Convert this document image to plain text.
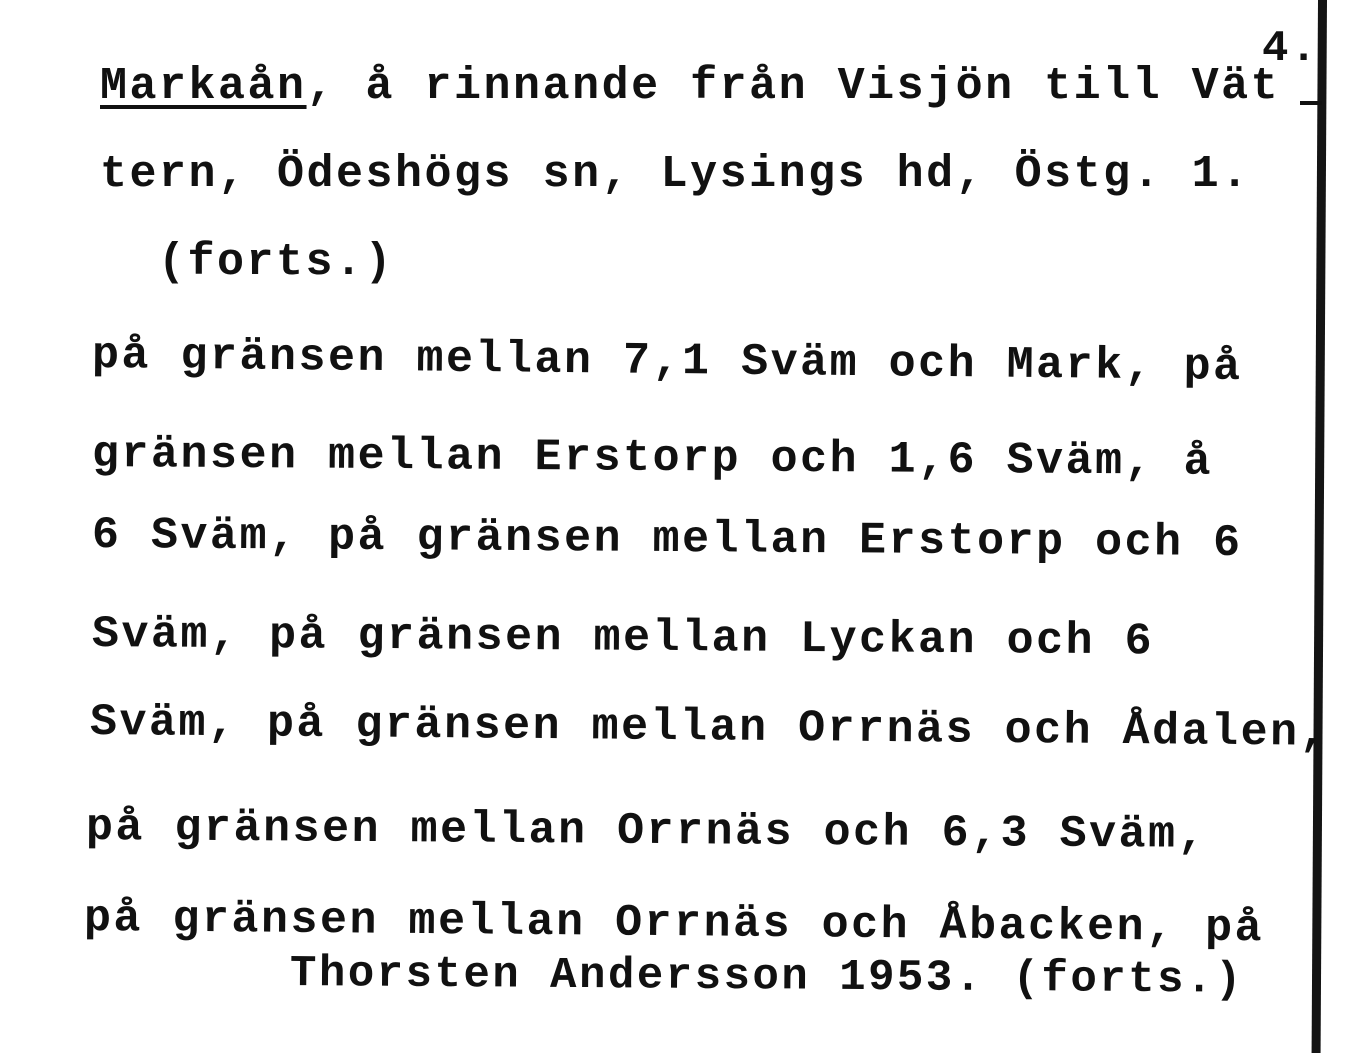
4.
Markaån, å rinnande från Visjön till Vät
tern, Ödeshögs sn, Lysings hd, Östg. 1.
(forts.)
på gränsen mellan 7,1 Sväm och Mark, på
gränsen mellan Erstorp och 1,6 Sväm, å
6 Sväm, på gränsen mellan Erstorp och 6
Sväm, på gränsen mellan Lyckan och 6
Sväm, på gränsen mellan Orrnäs och Ådalen,
på gränsen mellan Orrnäs och 6,3 Sväm,
på gränsen mellan Orrnäs och Åbacken, på
Thorsten Andersson 1953. (forts.)
